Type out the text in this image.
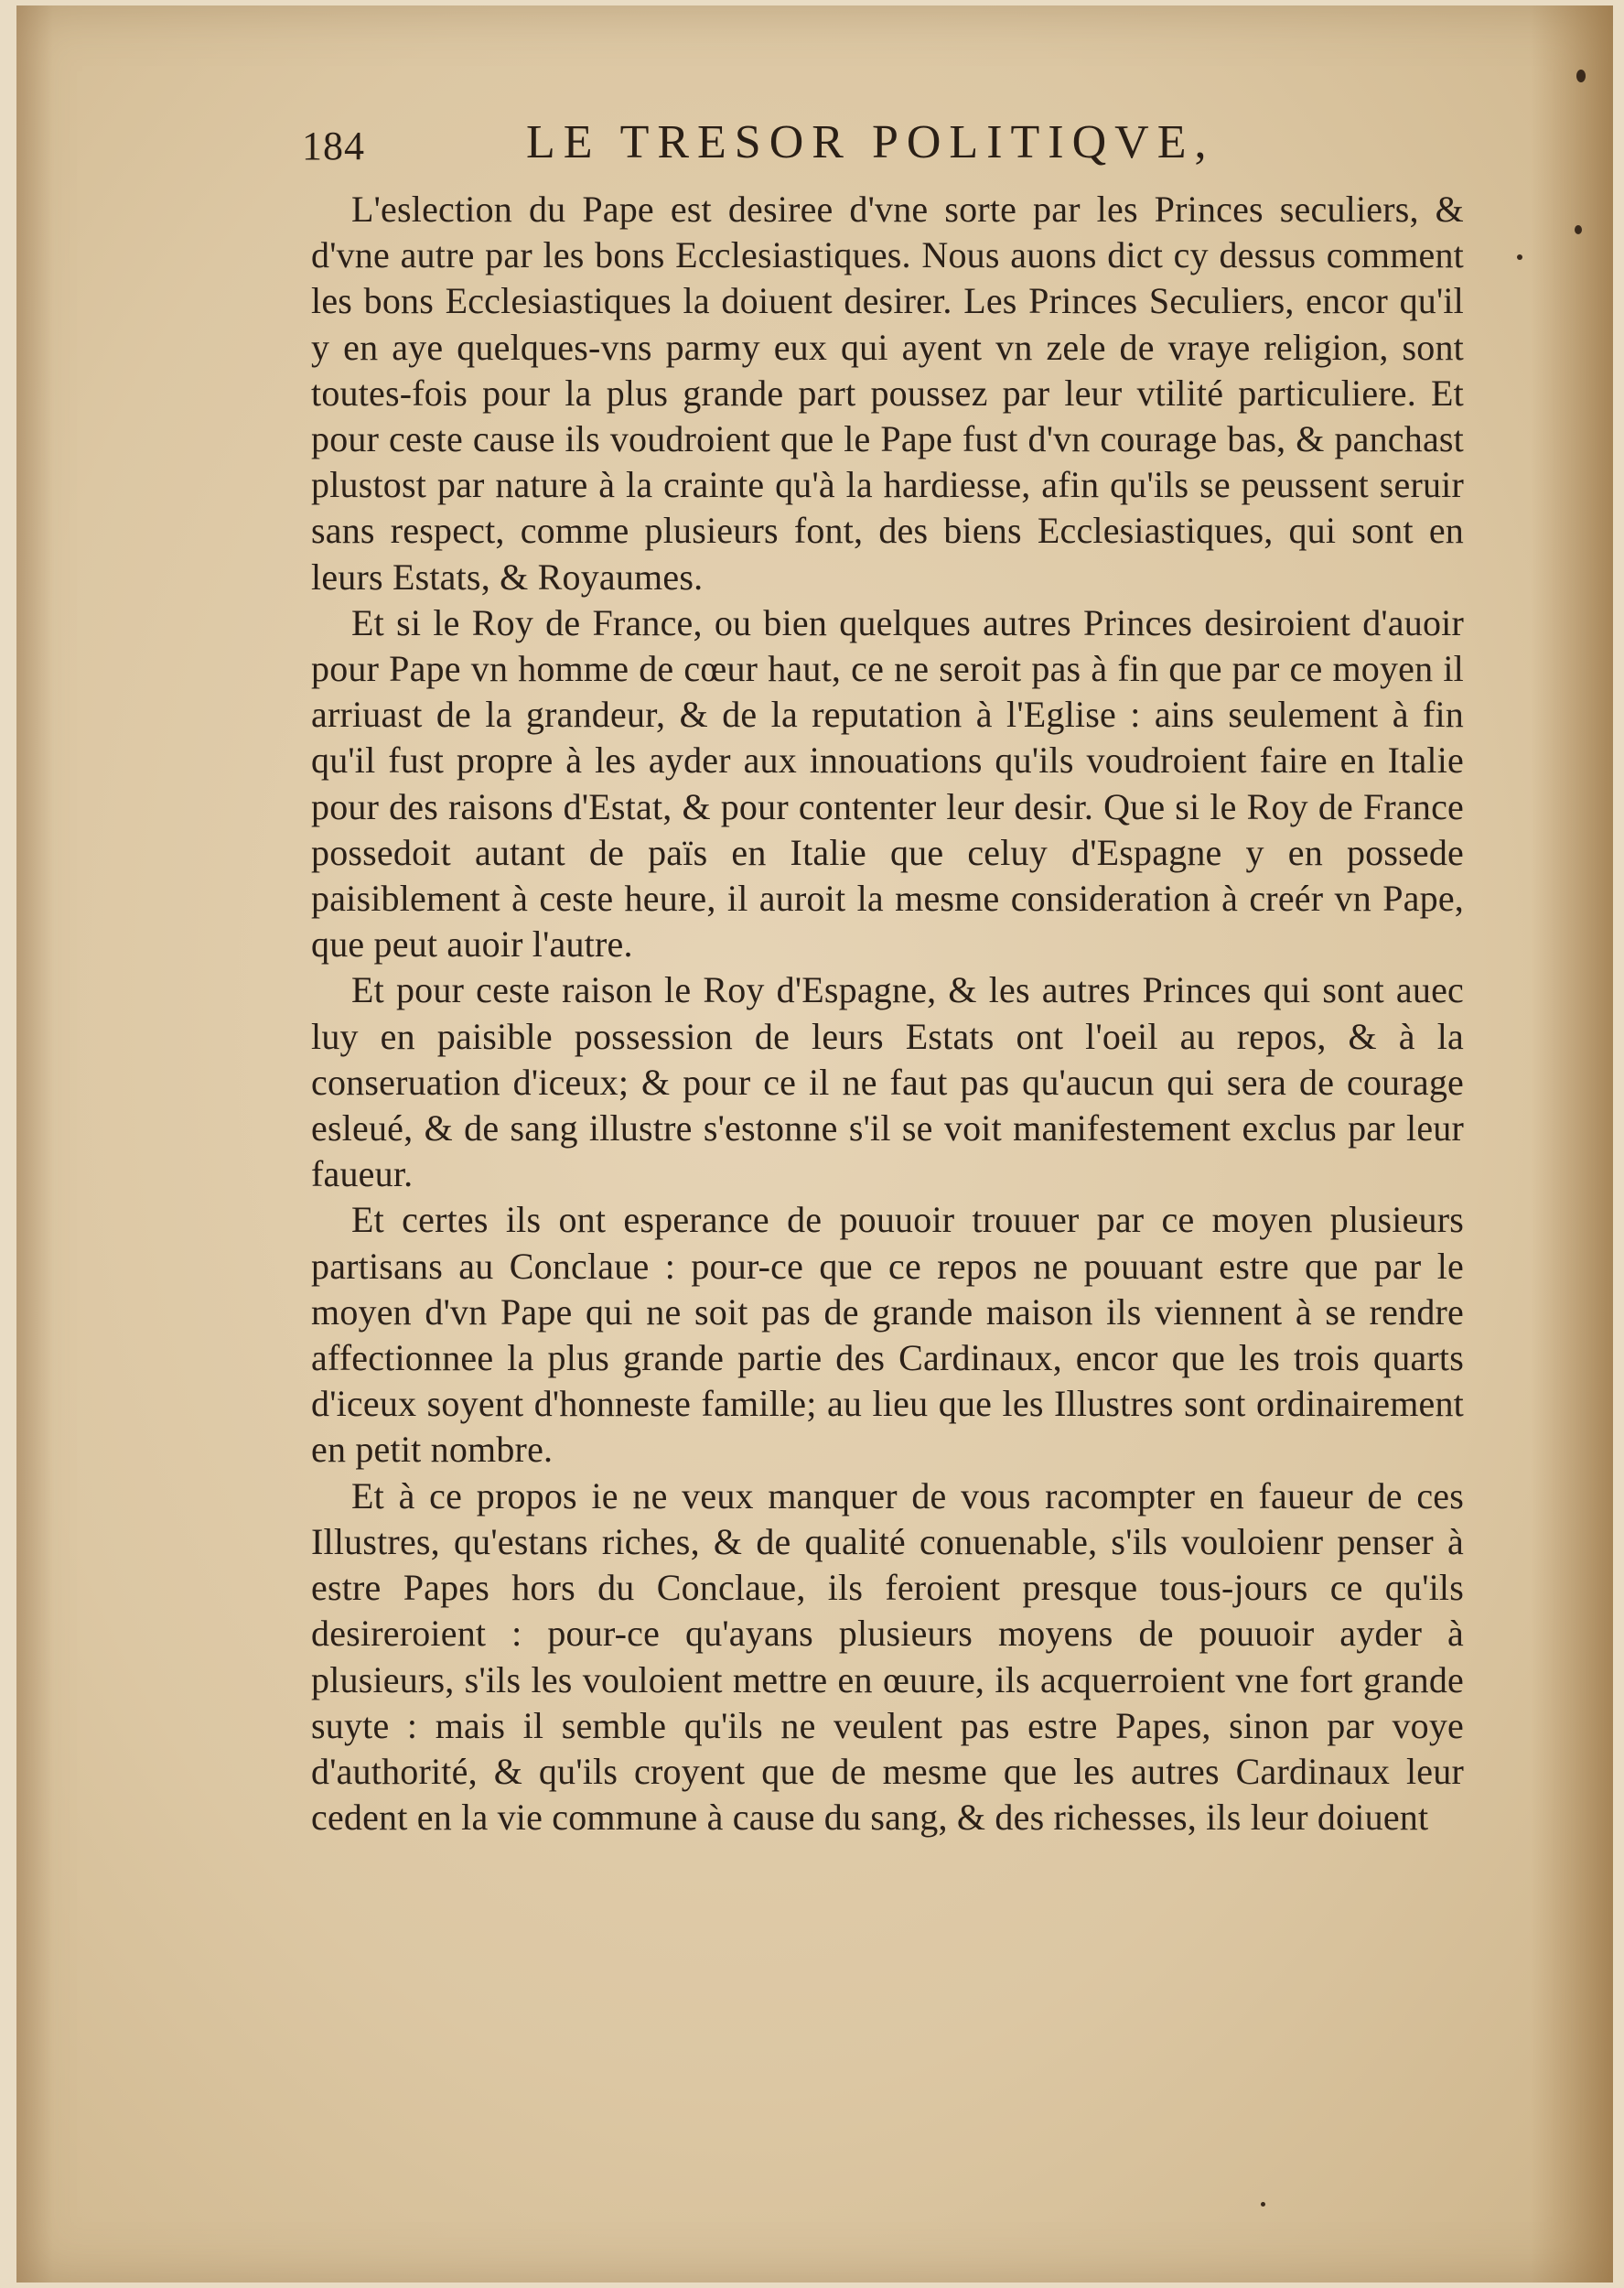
184	LE TRESOR POLITIQVE,

L'eslection du Pape est desiree d'vne sorte par les Princes seculiers, & d'vne autre par les bons Ecclesiastiques. Nous auons dict cy dessus comment les bons Ecclesiastiques la doiuent desirer. Les Princes Seculiers, encor qu'il y en aye quelques-vns parmy eux qui ayent vn zele de vraye religion, sont toutes-fois pour la plus grande part poussez par leur vtilité particuliere. Et pour ceste cause ils voudroient que le Pape fust d'vn courage bas, & panchast plustost par nature à la crainte qu'à la hardiesse, afin qu'ils se peussent seruir sans respect, comme plusieurs font, des biens Ecclesiastiques, qui sont en leurs Estats, & Royaumes.

Et si le Roy de France, ou bien quelques autres Princes desiroient d'auoir pour Pape vn homme de cœur haut, ce ne seroit pas à fin que par ce moyen il arriuast de la grandeur, & de la reputation à l'Eglise : ains seulement à fin qu'il fust propre à les ayder aux innouations qu'ils voudroient faire en Italie pour des raisons d'Estat, & pour contenter leur desir. Que si le Roy de France possedoit autant de païs en Italie que celuy d'Espagne y en possede paisiblement à ceste heure, il auroit la mesme consideration à creér vn Pape, que peut auoir l'autre.

Et pour ceste raison le Roy d'Espagne, & les autres Princes qui sont auec luy en paisible possession de leurs Estats ont l'oeil au repos, & à la conseruation d'iceux; & pour ce il ne faut pas qu'aucun qui sera de courage esleué, & de sang illustre s'estonne s'il se voit manifestement exclus par leur faueur.

Et certes ils ont esperance de pouuoir trouuer par ce moyen plusieurs partisans au Conclaue : pour-ce que ce repos ne pouuant estre que par le moyen d'vn Pape qui ne soit pas de grande maison ils viennent à se rendre affectionnee la plus grande partie des Cardinaux, encor que les trois quarts d'iceux soyent d'honneste famille; au lieu que les Illustres sont ordinairement en petit nombre.

Et à ce propos ie ne veux manquer de vous racompter en faueur de ces Illustres, qu'estans riches, & de qualité conuenable, s'ils vouloienr penser à estre Papes hors du Conclaue, ils feroient presque tous-jours ce qu'ils desireroient : pour-ce qu'ayans plusieurs moyens de pouuoir ayder à plusieurs, s'ils les vouloient mettre en œuure, ils acquerroient vne fort grande suyte : mais il semble qu'ils ne veulent pas estre Papes, sinon par voye d'authorité, & qu'ils croyent que de mesme que les autres Cardinaux leur cedent en la vie commune à cause du sang, & des richesses, ils leur doiuent
